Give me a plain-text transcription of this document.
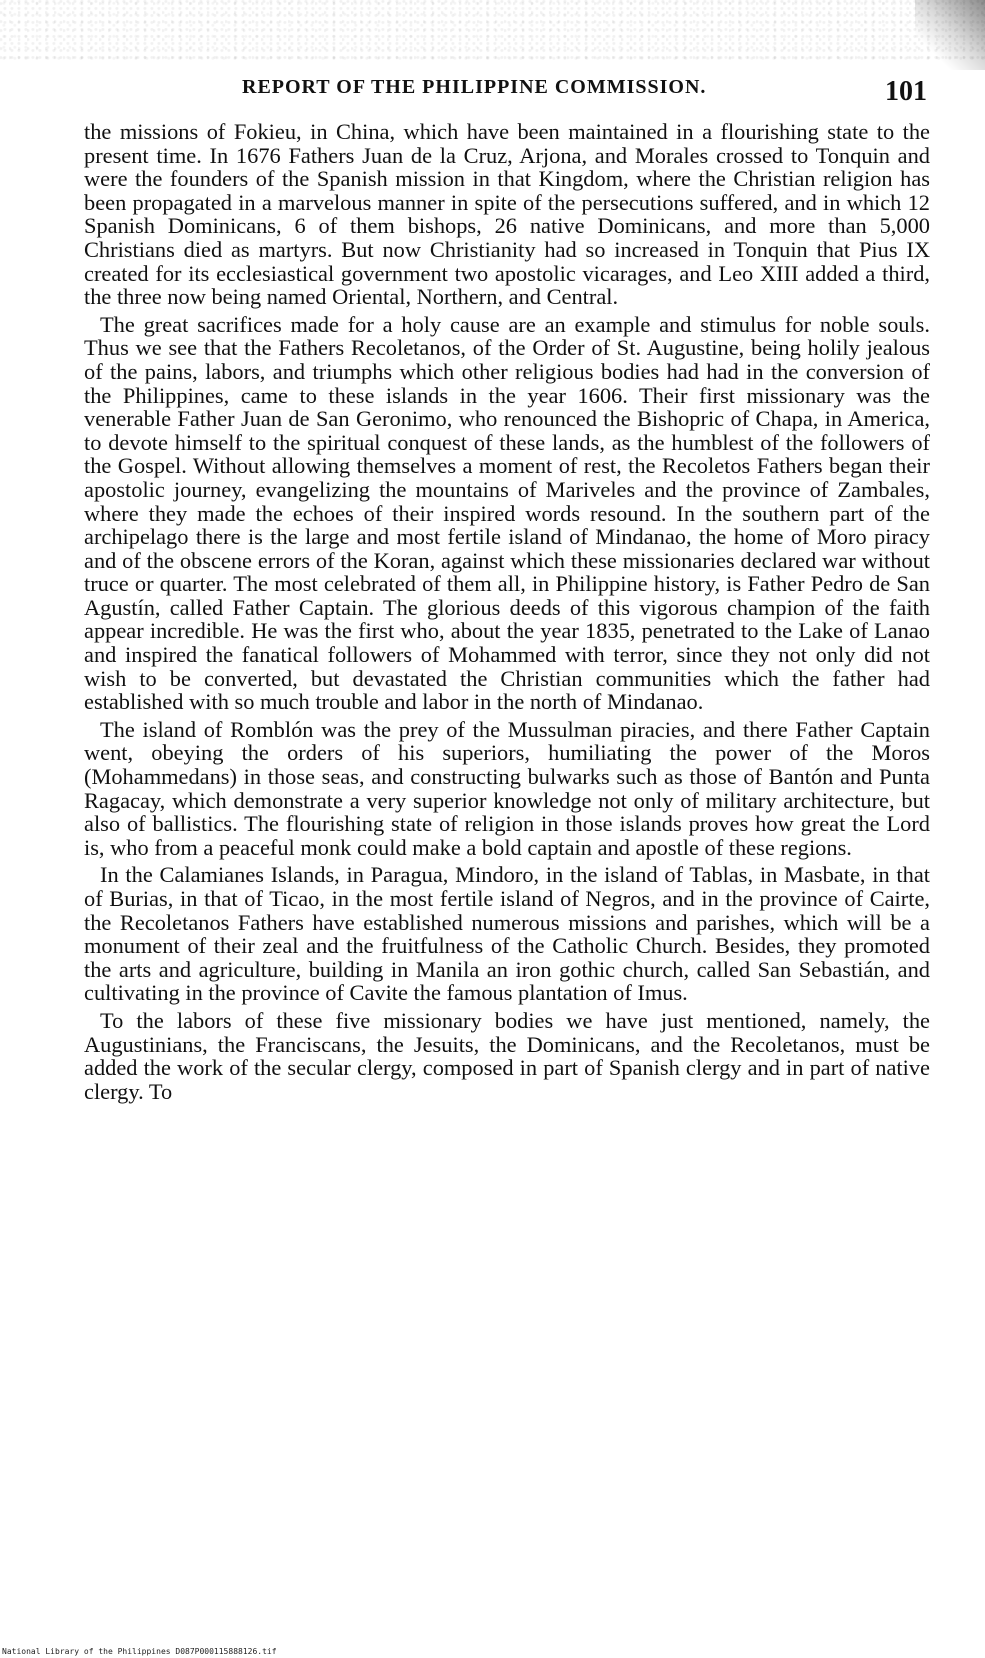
REPORT OF THE PHILIPPINE COMMISSION.	101

the missions of Fokieu, in China, which have been maintained in a flourishing state to the present time. In 1676 Fathers Juan de la Cruz, Arjona, and Morales crossed to Tonquin and were the founders of the Spanish mission in that Kingdom, where the Christian religion has been propagated in a marvelous manner in spite of the persecutions suffered, and in which 12 Spanish Dominicans, 6 of them bishops, 26 native Dominicans, and more than 5,000 Christians died as martyrs. But now Christianity had so increased in Tonquin that Pius IX created for its ecclesiastical government two apostolic vicarages, and Leo XIII added a third, the three now being named Oriental, Northern, and Central.

The great sacrifices made for a holy cause are an example and stimulus for noble souls. Thus we see that the Fathers Recoletanos, of the Order of St. Augustine, being holily jealous of the pains, labors, and triumphs which other religious bodies had had in the conversion of the Philippines, came to these islands in the year 1606. Their first missionary was the venerable Father Juan de San Geronimo, who renounced the Bishopric of Chapa, in America, to devote himself to the spiritual conquest of these lands, as the humblest of the followers of the Gospel. Without allowing themselves a moment of rest, the Recoletos Fathers began their apostolic journey, evangelizing the mountains of Mariveles and the province of Zambales, where they made the echoes of their inspired words resound. In the southern part of the archipelago there is the large and most fertile island of Mindanao, the home of Moro piracy and of the obscene errors of the Koran, against which these missionaries declared war without truce or quarter. The most celebrated of them all, in Philippine history, is Father Pedro de San Agustín, called Father Captain. The glorious deeds of this vigorous champion of the faith appear incredible. He was the first who, about the year 1835, penetrated to the Lake of Lanao and inspired the fanatical followers of Mohammed with terror, since they not only did not wish to be converted, but devastated the Christian communities which the father had established with so much trouble and labor in the north of Mindanao.

The island of Romblón was the prey of the Mussulman piracies, and there Father Captain went, obeying the orders of his superiors, humiliating the power of the Moros (Mohammedans) in those seas, and constructing bulwarks such as those of Bantón and Punta Ragacay, which demonstrate a very superior knowledge not only of military architecture, but also of ballistics. The flourishing state of religion in those islands proves how great the Lord is, who from a peaceful monk could make a bold captain and apostle of these regions.

In the Calamianes Islands, in Paragua, Mindoro, in the island of Tablas, in Masbate, in that of Burias, in that of Ticao, in the most fertile island of Negros, and in the province of Cairte, the Recoletanos Fathers have established numerous missions and parishes, which will be a monument of their zeal and the fruitfulness of the Catholic Church. Besides, they promoted the arts and agriculture, building in Manila an iron gothic church, called San Sebastián, and cultivating in the province of Cavite the famous plantation of Imus.

To the labors of these five missionary bodies we have just mentioned, namely, the Augustinians, the Franciscans, the Jesuits, the Dominicans, and the Recoletanos, must be added the work of the secular clergy, composed in part of Spanish clergy and in part of native clergy. To

National Library of the Philippines D087P000115888126.tif
